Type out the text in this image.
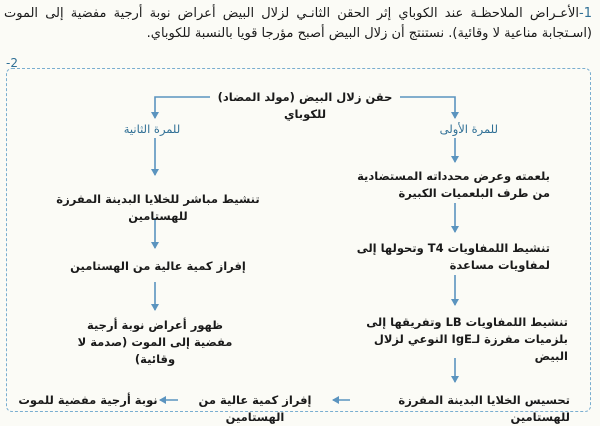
1-الأعـراض الملاحظـة عند الكوباي إثر الحقن الثانـي لزلال البيض أعراض نوبة أرجية مفضية إلى الموت (اسـتجابة مناعية لا وقائية). نستنتج أن زلال البيض أصبح مؤرجا قويا بالنسبة للكوباي.
-2
حقن زلال البيض (مولد المضاد) للكوباي
للمرة الأولى
للمرة الثانية
بلعمته وعرض محدداته المستضادية من طرف البلعميات الكبيرة
تنشيط اللمفاويات T4 وتحولها إلى لمفاويات مساعدة
تنشيط اللمفاويات LB وتفريقها إلى بلزميات مفرزة لـIgE النوعي لزلال البيض
تحسيس الخلايا البدينة المفرزة للهستامين
تنشيط مباشر للخلايا البدينة المفرزة للهستامين
إفراز كمية عالية من الهستامين
ظهور أعراض نوبة أرجية مفضية إلى الموت (صدمة لا وقائية)
إفراز كمية عالية من الهستامين
نوبة أرجية مفضية للموت
